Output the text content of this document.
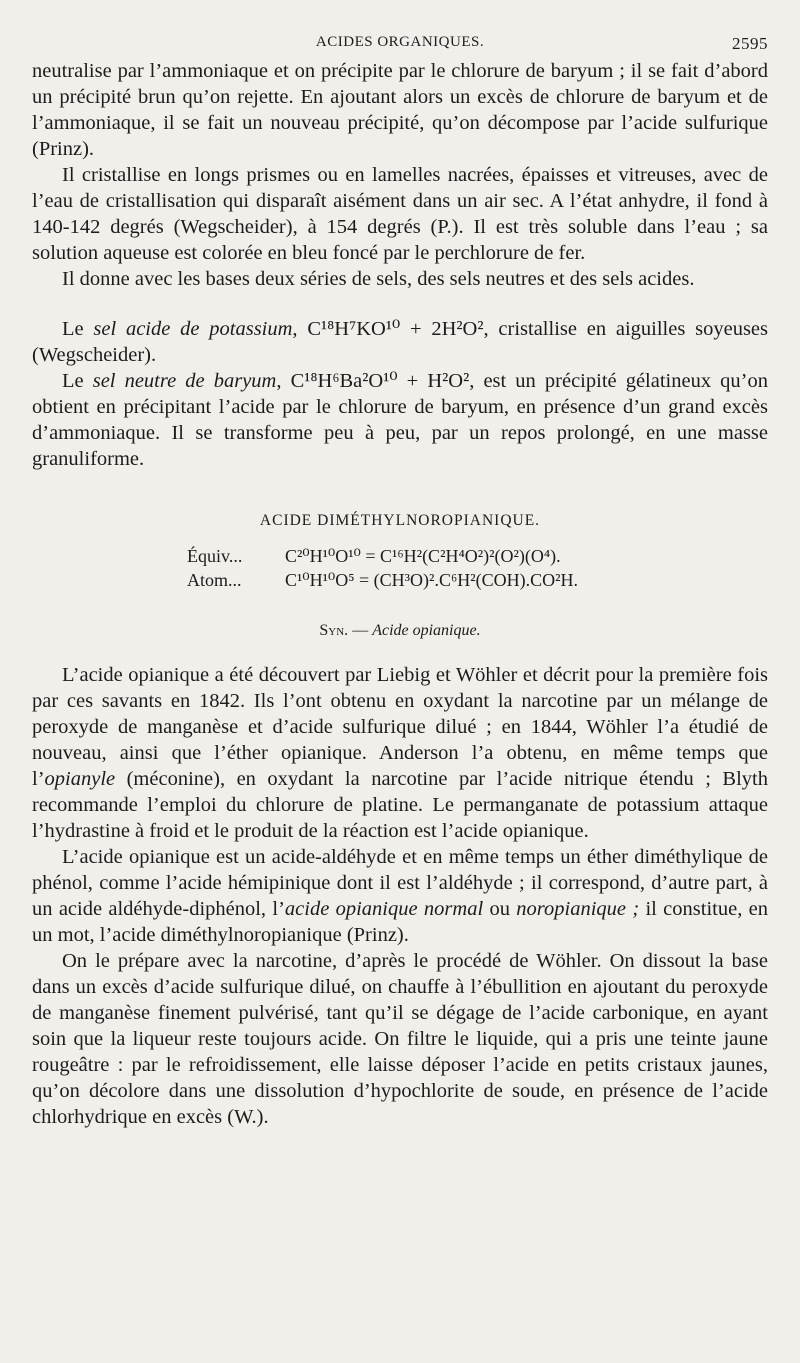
ACIDES ORGANIQUES.	2595

neutralise par l’ammoniaque et on précipite par le chlorure de baryum ; il se fait d’abord un précipité brun qu’on rejette. En ajoutant alors un excès de chlorure de baryum et de l’ammoniaque, il se fait un nouveau précipité, qu’on décompose par l’acide sulfurique (Prinz).

Il cristallise en longs prismes ou en lamelles nacrées, épaisses et vitreuses, avec de l’eau de cristallisation qui disparaît aisément dans un air sec. A l’état anhydre, il fond à 140-142 degrés (Wegscheider), à 154 degrés (P.). Il est très soluble dans l’eau ; sa solution aqueuse est colorée en bleu foncé par le perchlorure de fer.

Il donne avec les bases deux séries de sels, des sels neutres et des sels acides.

Le sel acide de potassium, C¹⁸H⁷KO¹⁰ + 2H²O², cristallise en aiguilles soyeuses (Wegscheider).

Le sel neutre de baryum, C¹⁸H⁶Ba²O¹⁰ + H²O², est un précipité gélatineux qu’on obtient en précipitant l’acide par le chlorure de baryum, en présence d’un grand excès d’ammoniaque. Il se transforme peu à peu, par un repos prolongé, en une masse granuliforme.

ACIDE DIMÉTHYLNOROPIANIQUE.
Équiv...	C²⁰H¹⁰O¹⁰ = C¹⁶H²(C²H⁴O²)²(O²)(O⁴).
Atom...	C¹⁰H¹⁰O⁵ = (CH³O)².C⁶H²(COH).CO²H.
Syn. — Acide opianique.

L’acide opianique a été découvert par Liebig et Wöhler et décrit pour la première fois par ces savants en 1842. Ils l’ont obtenu en oxydant la narcotine par un mélange de peroxyde de manganèse et d’acide sulfurique dilué ; en 1844, Wöhler l’a étudié de nouveau, ainsi que l’éther opianique. Anderson l’a obtenu, en même temps que l’opianyle (méconine), en oxydant la narcotine par l’acide nitrique étendu ; Blyth recommande l’emploi du chlorure de platine. Le permanganate de potassium attaque l’hydrastine à froid et le produit de la réaction est l’acide opianique.

L’acide opianique est un acide-aldéhyde et en même temps un éther diméthylique de phénol, comme l’acide hémipinique dont il est l’aldéhyde ; il correspond, d’autre part, à un acide aldéhyde-diphénol, l’acide opianique normal ou noropianique ; il constitue, en un mot, l’acide diméthylnoropianique (Prinz).

On le prépare avec la narcotine, d’après le procédé de Wöhler. On dissout la base dans un excès d’acide sulfurique dilué, on chauffe à l’ébullition en ajoutant du peroxyde de manganèse finement pulvérisé, tant qu’il se dégage de l’acide carbonique, en ayant soin que la liqueur reste toujours acide. On filtre le liquide, qui a pris une teinte jaune rougeâtre : par le refroidissement, elle laisse déposer l’acide en petits cristaux jaunes, qu’on décolore dans une dissolution d’hypochlorite de soude, en présence de l’acide chlorhydrique en excès (W.).
